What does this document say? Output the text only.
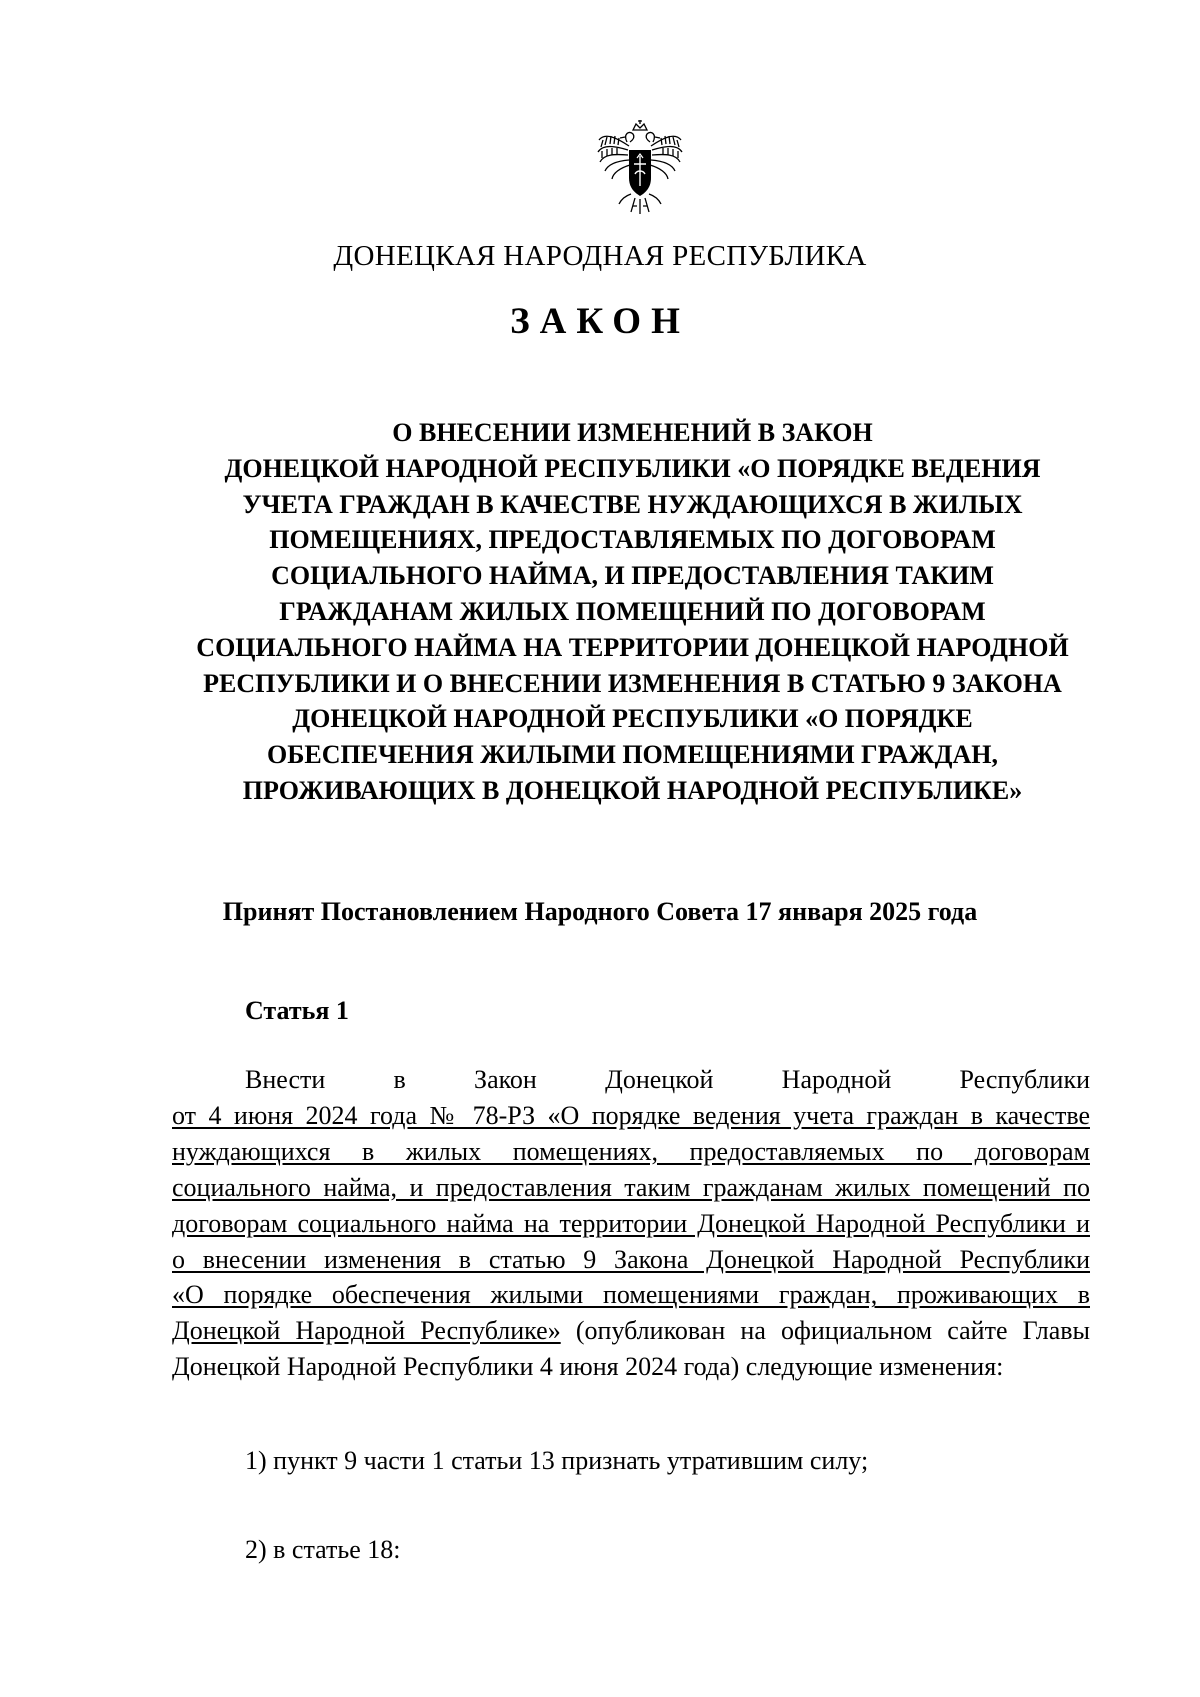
ДОНЕЦКАЯ НАРОДНАЯ РЕСПУБЛИКА
ЗАКОН
О ВНЕСЕНИИ ИЗМЕНЕНИЙ В ЗАКОН
ДОНЕЦКОЙ НАРОДНОЙ РЕСПУБЛИКИ «О ПОРЯДКЕ ВЕДЕНИЯ
УЧЕТА ГРАЖДАН В КАЧЕСТВЕ НУЖДАЮЩИХСЯ В ЖИЛЫХ
ПОМЕЩЕНИЯХ, ПРЕДОСТАВЛЯЕМЫХ ПО ДОГОВОРАМ
СОЦИАЛЬНОГО НАЙМА, И ПРЕДОСТАВЛЕНИЯ ТАКИМ
ГРАЖДАНАМ ЖИЛЫХ ПОМЕЩЕНИЙ ПО ДОГОВОРАМ
СОЦИАЛЬНОГО НАЙМА НА ТЕРРИТОРИИ ДОНЕЦКОЙ НАРОДНОЙ
РЕСПУБЛИКИ И О ВНЕСЕНИИ ИЗМЕНЕНИЯ В СТАТЬЮ 9 ЗАКОНА
ДОНЕЦКОЙ НАРОДНОЙ РЕСПУБЛИКИ «О ПОРЯДКЕ
ОБЕСПЕЧЕНИЯ ЖИЛЫМИ ПОМЕЩЕНИЯМИ ГРАЖДАН,
ПРОЖИВАЮЩИХ В ДОНЕЦКОЙ НАРОДНОЙ РЕСПУБЛИКЕ»
Принят Постановлением Народного Совета 17 января 2025 года
Статья 1
Внести в Закон Донецкой Народной Республики
от 4 июня 2024 года № 78-РЗ «О порядке ведения учета граждан в качестве
нуждающихся в жилых помещениях, предоставляемых по договорам
социального найма, и предоставления таким гражданам жилых помещений по
договорам социального найма на территории Донецкой Народной Республики и
о внесении изменения в статью 9 Закона Донецкой Народной Республики
«О порядке обеспечения жилыми помещениями граждан, проживающих в
Донецкой Народной Республике» (опубликован на официальном сайте Главы
Донецкой Народной Республики 4 июня 2024 года) следующие изменения:
1) пункт 9 части 1 статьи 13 признать утратившим силу;
2) в статье 18:
